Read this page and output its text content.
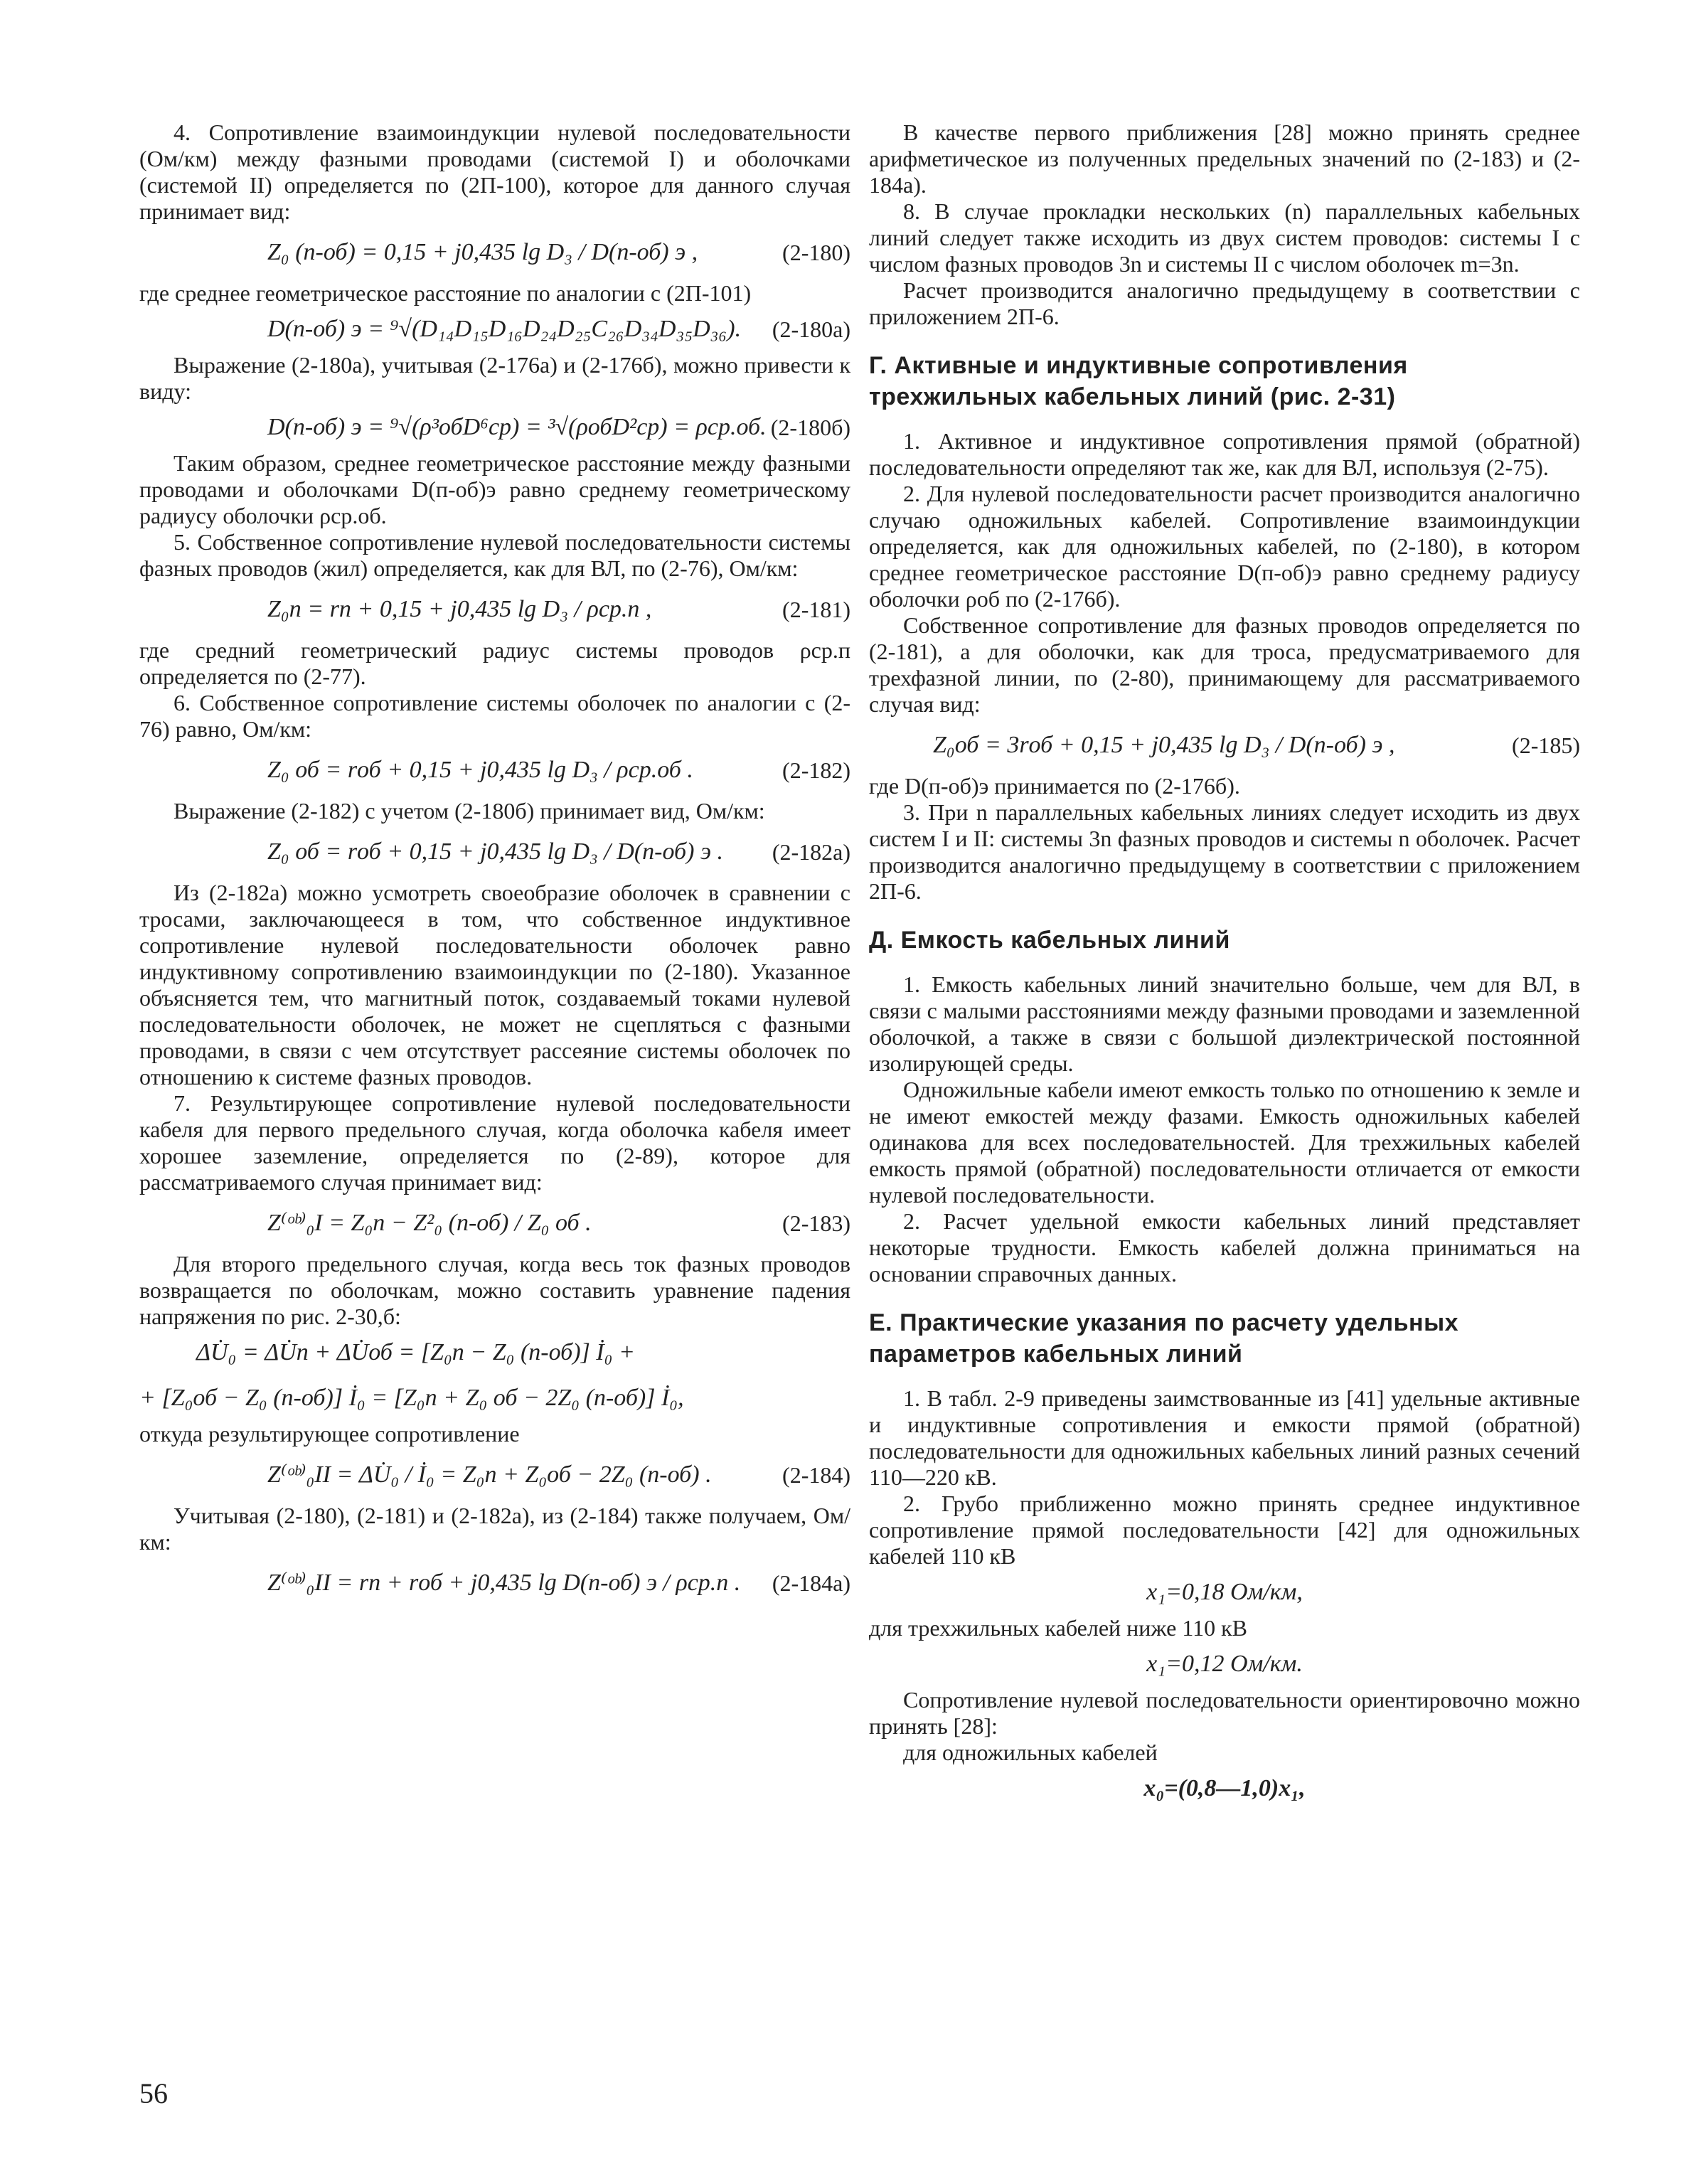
4. Сопротивление взаимоиндукции нулевой последовательности (Ом/км) между фазными проводами (системой I) и оболочками (системой II) определяется по (2П-100), которое для данного случая принимает вид:

Z₀ (п-об) = 0,15 + j0,435 lg D₃ / D(п-об) э ,	(2-180)

где среднее геометрическое расстояние по аналогии с (2П-101)

D(п-об) э = ⁹√(D₁₄D₁₅D₁₆D₂₄D₂₅C₂₆D₃₄D₃₅D₃₆). (2-180а)

Выражение (2-180а), учитывая (2-176а) и (2-176б), можно привести к виду:

D(п-об) э = ⁹√(ρ³обD⁶ср) = ³√(ρобD²ср) = ρср.об. (2-180б)

Таким образом, среднее геометрическое расстояние между фазными проводами и оболочками D(п-об)э равно среднему геометрическому радиусу оболочки ρср.об.

5. Собственное сопротивление нулевой последовательности системы фазных проводов (жил) определяется, как для ВЛ, по (2-76), Ом/км:

Z₀п = rп + 0,15 + j0,435 lg D₃ / ρср.п ,	(2-181)

где средний геометрический радиус системы проводов ρср.п определяется по (2-77).

6. Собственное сопротивление системы оболочек по аналогии с (2-76) равно, Ом/км:

Z₀ об = rоб + 0,15 + j0,435 lg D₃ / ρср.об .	(2-182)

Выражение (2-182) с учетом (2-180б) принимает вид, Ом/км:

Z₀ об = rоб + 0,15 + j0,435 lg D₃ / D(п-об) э . (2-182а)

Из (2-182а) можно усмотреть своеобразие оболочек в сравнении с тросами, заключающееся в том, что собственное индуктивное сопротивление нулевой последовательности оболочек равно индуктивному сопротивлению взаимоиндукции по (2-180). Указанное объясняется тем, что магнитный поток, создаваемый токами нулевой последовательности оболочек, не может не сцепляться с фазными проводами, в связи с чем отсутствует рассеяние системы оболочек по отношению к системе фазных проводов.

7. Результирующее сопротивление нулевой последовательности кабеля для первого предельного случая, когда оболочка кабеля имеет хорошее заземление, определяется по (2-89), которое для рассматриваемого случая принимает вид:

Z⁽ᵒᵇ⁾₀I = Z₀п − Z²₀ (п-об) / Z₀ об .	(2-183)

Для второго предельного случая, когда весь ток фазных проводов возвращается по оболочкам, можно составить уравнение падения напряжения по рис. 2-30,б:

ΔU̇₀ = ΔU̇п + ΔU̇об = [Z₀п − Z₀ (п-об)] İ₀ +
+ [Z₀об − Z₀ (п-об)] İ₀ = [Z₀п + Z₀ об − 2Z₀ (п-об)] İ₀,

откуда результирующее сопротивление

Z⁽ᵒᵇ⁾₀II = ΔU̇₀ / İ₀ = Z₀п + Z₀об − 2Z₀ (п-об) .	(2-184)

Учитывая (2-180), (2-181) и (2-182а), из (2-184) также получаем, Ом/км:

Z⁽ᵒᵇ⁾₀II = rп + rоб + j0,435 lg D(п-об) э / ρср.п . (2-184а)

В качестве первого приближения [28] можно принять среднее арифметическое из полученных предельных значений по (2-183) и (2-184а).

8. В случае прокладки нескольких (n) параллельных кабельных линий следует также исходить из двух систем проводов: системы I с числом фазных проводов 3n и системы II с числом оболочек m=3n.

Расчет производится аналогично предыдущему в соответствии с приложением 2П-6.

Г. Активные и индуктивные сопротивления трехжильных кабельных линий (рис. 2-31)

1. Активное и индуктивное сопротивления прямой (обратной) последовательности определяют так же, как для ВЛ, используя (2-75).

2. Для нулевой последовательности расчет производится аналогично случаю одножильных кабелей. Сопротивление взаимоиндукции определяется, как для одножильных кабелей, по (2-180), в котором среднее геометрическое расстояние D(п-об)э равно среднему радиусу оболочки ρоб по (2-176б).

Собственное сопротивление для фазных проводов определяется по (2-181), а для оболочки, как для троса, предусматриваемого для трехфазной линии, по (2-80), принимающему для рассматриваемого случая вид:

Z₀об = 3rоб + 0,15 + j0,435 lg D₃ / D(п-об) э ,	(2-185)

где D(п-об)э принимается по (2-176б).

3. При n параллельных кабельных линиях следует исходить из двух систем I и II: системы 3n фазных проводов и системы n оболочек. Расчет производится аналогично предыдущему в соответствии с приложением 2П-6.

Д. Емкость кабельных линий

1. Емкость кабельных линий значительно больше, чем для ВЛ, в связи с малыми расстояниями между фазными проводами и заземленной оболочкой, а также в связи с большой диэлектрической постоянной изолирующей среды.

Одножильные кабели имеют емкость только по отношению к земле и не имеют емкостей между фазами. Емкость одножильных кабелей одинакова для всех последовательностей. Для трехжильных кабелей емкость прямой (обратной) последовательности отличается от емкости нулевой последовательности.

2. Расчет удельной емкости кабельных линий представляет некоторые трудности. Емкость кабелей должна приниматься на основании справочных данных.

Е. Практические указания по расчету удельных параметров кабельных линий

1. В табл. 2-9 приведены заимствованные из [41] удельные активные и индуктивные сопротивления и емкости прямой (обратной) последовательности для одножильных кабельных линий разных сечений 110—220 кВ.

2. Грубо приближенно можно принять среднее индуктивное сопротивление прямой последовательности [42] для одножильных кабелей 110 кВ

x₁=0,18 Ом/км,

для трехжильных кабелей ниже 110 кВ

x₁=0,12 Ом/км.

Сопротивление нулевой последовательности ориентировочно можно принять [28]:

для одножильных кабелей

x₀=(0,8—1,0)x₁,
56
